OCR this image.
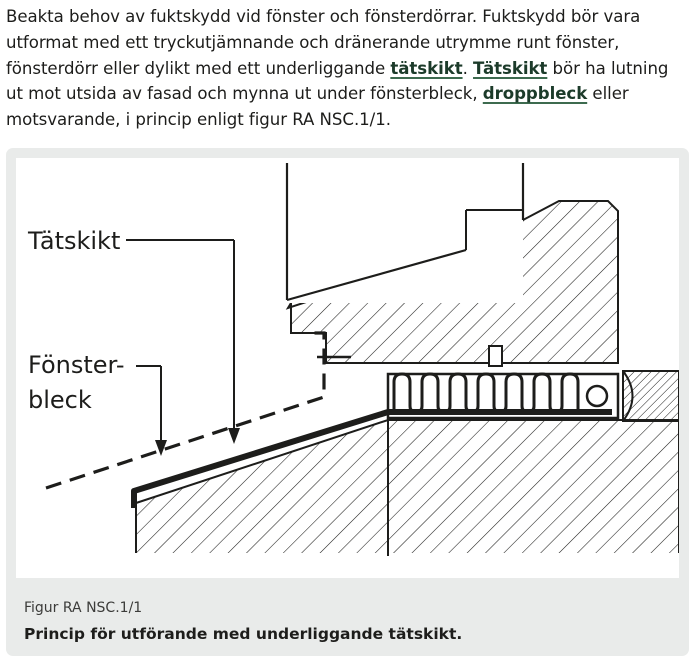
Beakta behov av fuktskydd vid fönster och fönsterdörrar. Fuktskydd bör vara utformat med ett tryckutjämnande och dränerande utrymme runt fönster, fönsterdörr eller dylikt med ett underliggande tätskikt. Tätskikt bör ha lutning ut mot utsida av fasad och mynna ut under fönsterbleck, droppbleck eller motsvarande, i princip enligt figur RA NSC.1/1.
Tätskikt
Fönster-
bleck
Figur RA NSC.1/1
Princip för utförande med underliggande tätskikt.
